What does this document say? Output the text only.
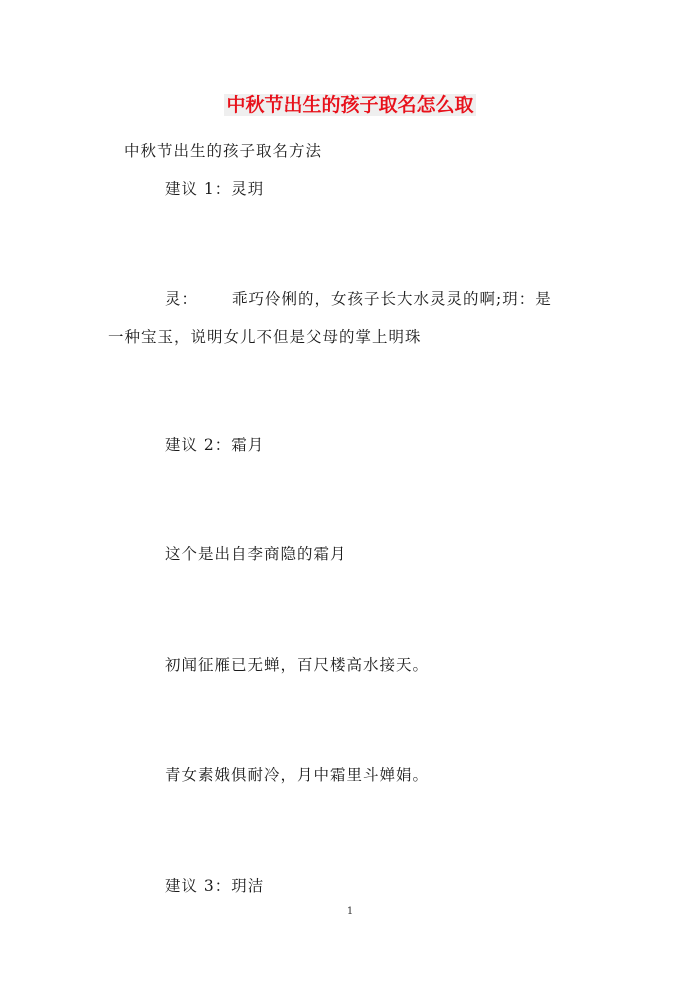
中秋节出生的孩子取名怎么取
中秋节出生的孩子取名方法
建议 1：灵玥
灵： 乖巧伶俐的，女孩子长大水灵灵的啊;玥：是
一种宝玉，说明女儿不但是父母的掌上明珠
建议 2：霜月
这个是出自李商隐的霜月
初闻征雁已无蝉，百尺楼高水接天。
青女素娥俱耐冷，月中霜里斗婵娟。
建议 3：玥洁
1
